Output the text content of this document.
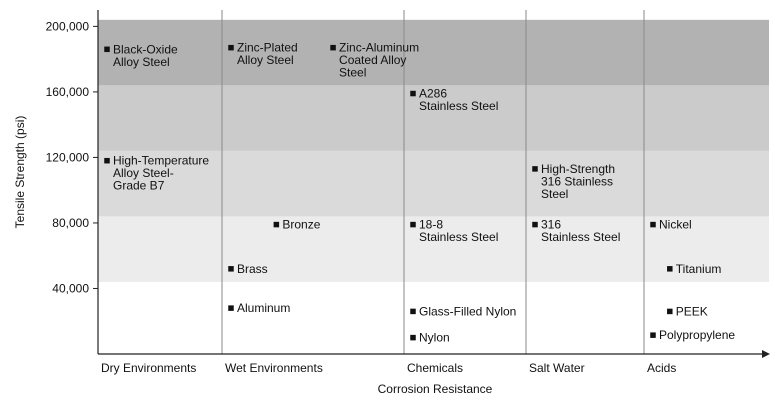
40,000
80,000
120,000
160,000
200,000
Dry Environments Wet Environments	Chemicals	Salt Water	Acids
Corrosion Resistance
Tensile Strength (psi)
Black-Oxide Alloy Steel
High-Temperature Alloy Steel-Grade B7
Zinc-Plated Alloy Steel
Zinc-Aluminum Coated Alloy Steel
Bronze
Brass
Aluminum
A286 Stainless Steel
18-8 Stainless Steel
Glass-Filled Nylon
Nylon
High-Strength 316 Stainless Steel
316 Stainless Steel
Nickel
Titanium
PEEK
Polypropylene
